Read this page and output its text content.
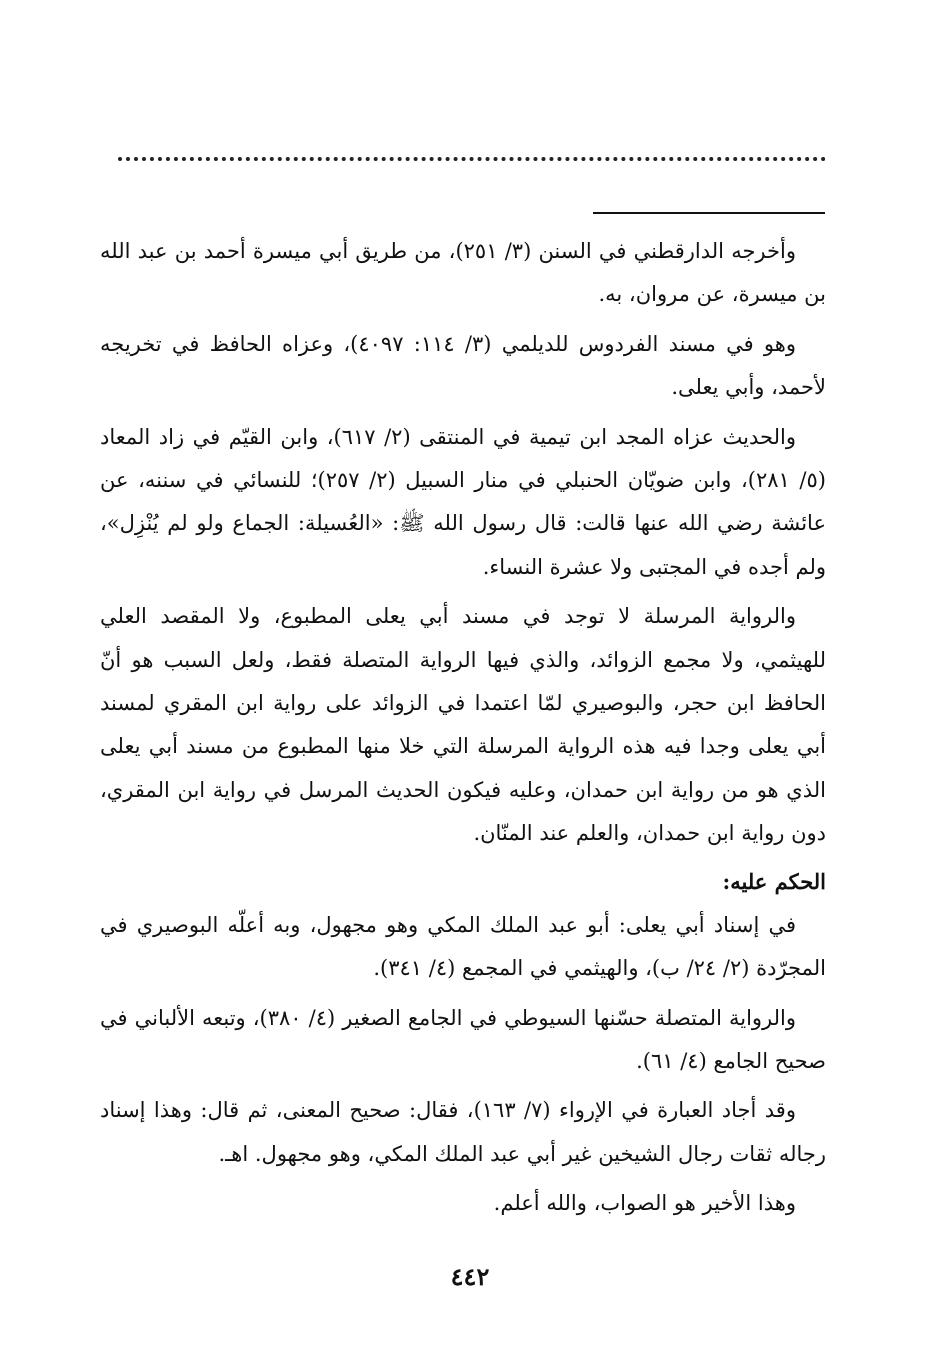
وأخرجه الدارقطني في السنن (٣/ ٢٥١)، من طريق أبي ميسرة أحمد بن عبد الله بن ميسرة، عن مروان، به.

وهو في مسند الفردوس للديلمي (٣/ ١١٤: ٤٠٩٧)، وعزاه الحافظ في تخريجه لأحمد، وأبي يعلى.

والحديث عزاه المجد ابن تيمية في المنتقى (٢/ ٦١٧)، وابن القيّم في زاد المعاد (٥/ ٢٨١)، وابن ضويّان الحنبلي في منار السبيل (٢/ ٢٥٧)؛ للنسائي في سننه، عن عائشة رضي الله عنها قالت: قال رسول الله ﷺ: «العُسيلة: الجماع ولو لم يُنْزِل»، ولم أجده في المجتبى ولا عشرة النساء.

والرواية المرسلة لا توجد في مسند أبي يعلى المطبوع، ولا المقصد العلي للهيثمي، ولا مجمع الزوائد، والذي فيها الرواية المتصلة فقط، ولعل السبب هو أنّ الحافظ ابن حجر، والبوصيري لمّا اعتمدا في الزوائد على رواية ابن المقري لمسند أبي يعلى وجدا فيه هذه الرواية المرسلة التي خلا منها المطبوع من مسند أبي يعلى الذي هو من رواية ابن حمدان، وعليه فيكون الحديث المرسل في رواية ابن المقري، دون رواية ابن حمدان، والعلم عند المنّان.

الحكم عليه:

في إسناد أبي يعلى: أبو عبد الملك المكي وهو مجهول، وبه أعلّه البوصيري في المجرّدة (٢/ ٢٤/ ب)، والهيثمي في المجمع (٤/ ٣٤١).

والرواية المتصلة حسّنها السيوطي في الجامع الصغير (٤/ ٣٨٠)، وتبعه الألباني في صحيح الجامع (٤/ ٦١).

وقد أجاد العبارة في الإرواء (٧/ ١٦٣)، فقال: صحيح المعنى، ثم قال: وهذا إسناد رجاله ثقات رجال الشيخين غير أبي عبد الملك المكي، وهو مجهول. اهـ.

وهذا الأخير هو الصواب، والله أعلم.

٤٤٢
